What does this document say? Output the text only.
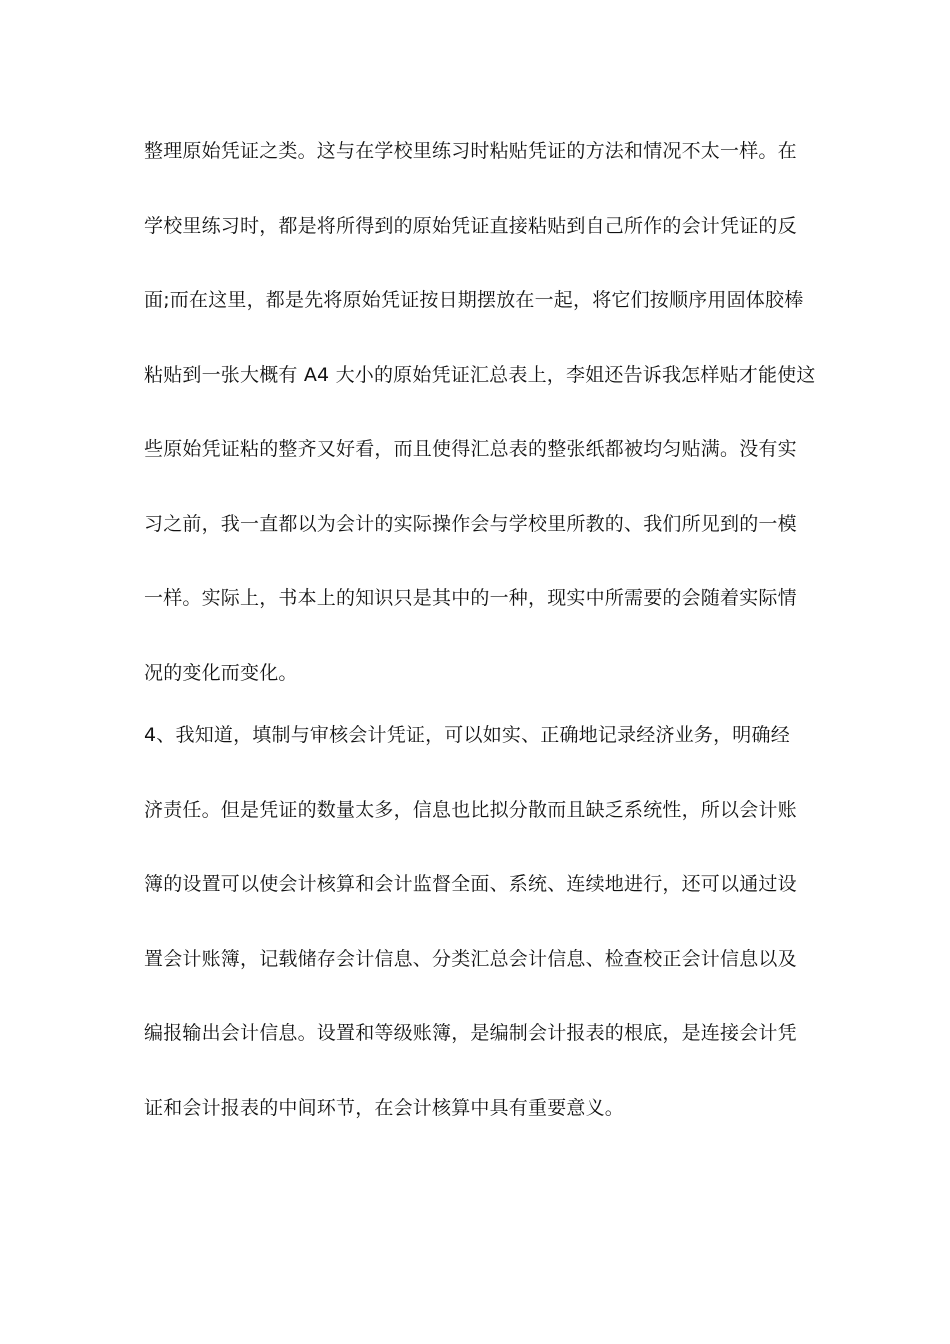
整理原始凭证之类。这与在学校里练习时粘贴凭证的方法和情况不太一样。在
学校里练习时，都是将所得到的原始凭证直接粘贴到自己所作的会计凭证的反
面;而在这里，都是先将原始凭证按日期摆放在一起，将它们按顺序用固体胶棒
粘贴到一张大概有 A4 大小的原始凭证汇总表上，李姐还告诉我怎样贴才能使这
些原始凭证粘的整齐又好看，而且使得汇总表的整张纸都被均匀贴满。没有实
习之前，我一直都以为会计的实际操作会与学校里所教的、我们所见到的一模
一样。实际上，书本上的知识只是其中的一种，现实中所需要的会随着实际情
况的变化而变化。
4、我知道，填制与审核会计凭证，可以如实、正确地记录经济业务，明确经
济责任。但是凭证的数量太多，信息也比拟分散而且缺乏系统性，所以会计账
簿的设置可以使会计核算和会计监督全面、系统、连续地进行，还可以通过设
置会计账簿，记载储存会计信息、分类汇总会计信息、检查校正会计信息以及
编报输出会计信息。设置和等级账簿，是编制会计报表的根底，是连接会计凭
证和会计报表的中间环节，在会计核算中具有重要意义。
